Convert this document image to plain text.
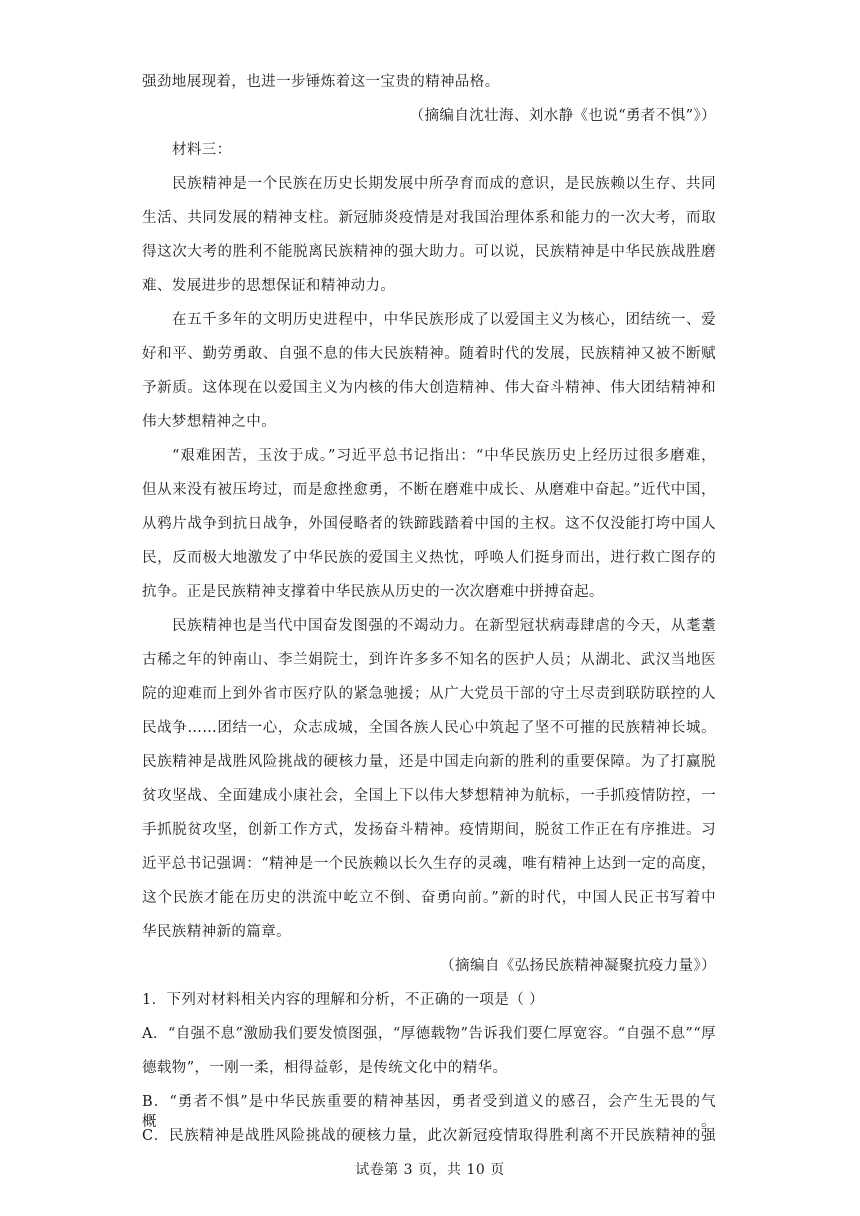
强劲地展现着，也进一步锤炼着这一宝贵的精神品格。
（摘编自沈壮海、刘水静《也说“勇者不惧”》）
材料三：
民族精神是一个民族在历史长期发展中所孕育而成的意识，是民族赖以生存、共同
生活、共同发展的精神支柱。新冠肺炎疫情是对我国治理体系和能力的一次大考，而取
得这次大考的胜利不能脱离民族精神的强大助力。可以说，民族精神是中华民族战胜磨
难、发展进步的思想保证和精神动力。
在五千多年的文明历史进程中，中华民族形成了以爱国主义为核心，团结统一、爱
好和平、勤劳勇敢、自强不息的伟大民族精神。随着时代的发展，民族精神又被不断赋
予新质。这体现在以爱国主义为内核的伟大创造精神、伟大奋斗精神、伟大团结精神和
伟大梦想精神之中。
“艰难困苦，玉汝于成。”习近平总书记指出：“中华民族历史上经历过很多磨难，
但从来没有被压垮过，而是愈挫愈勇，不断在磨难中成长、从磨难中奋起。”近代中国，
从鸦片战争到抗日战争，外国侵略者的铁蹄践踏着中国的主权。这不仅没能打垮中国人
民，反而极大地激发了中华民族的爱国主义热忱，呼唤人们挺身而出，进行救亡图存的
抗争。正是民族精神支撑着中华民族从历史的一次次磨难中拼搏奋起。
民族精神也是当代中国奋发图强的不竭动力。在新型冠状病毒肆虐的今天，从耄耋
古稀之年的钟南山、李兰娟院士，到许许多多不知名的医护人员；从湖北、武汉当地医
院的迎难而上到外省市医疗队的紧急驰援；从广大党员干部的守土尽责到联防联控的人
民战争……团结一心，众志成城，全国各族人民心中筑起了坚不可摧的民族精神长城。
民族精神是战胜风险挑战的硬核力量，还是中国走向新的胜利的重要保障。为了打赢脱
贫攻坚战、全面建成小康社会，全国上下以伟大梦想精神为航标，一手抓疫情防控，一
手抓脱贫攻坚，创新工作方式，发扬奋斗精神。疫情期间，脱贫工作正在有序推进。习
近平总书记强调：“精神是一个民族赖以长久生存的灵魂，唯有精神上达到一定的高度，
这个民族才能在历史的洪流中屹立不倒、奋勇向前。”新的时代，中国人民正书写着中
华民族精神新的篇章。
（摘编自《弘扬民族精神凝聚抗疫力量》）
1．下列对材料相关内容的理解和分析，不正确的一项是（ ）
A．“自强不息”激励我们要发愤图强，“厚德载物”告诉我们要仁厚宽容。“自强不息”“厚
德载物”，一刚一柔，相得益彰，是传统文化中的精华。
B．“勇者不惧”是中华民族重要的精神基因，勇者受到道义的感召，会产生无畏的气概。
C．民族精神是战胜风险挑战的硬核力量，此次新冠疫情取得胜利离不开民族精神的强
试卷第 3 页，共 10 页
